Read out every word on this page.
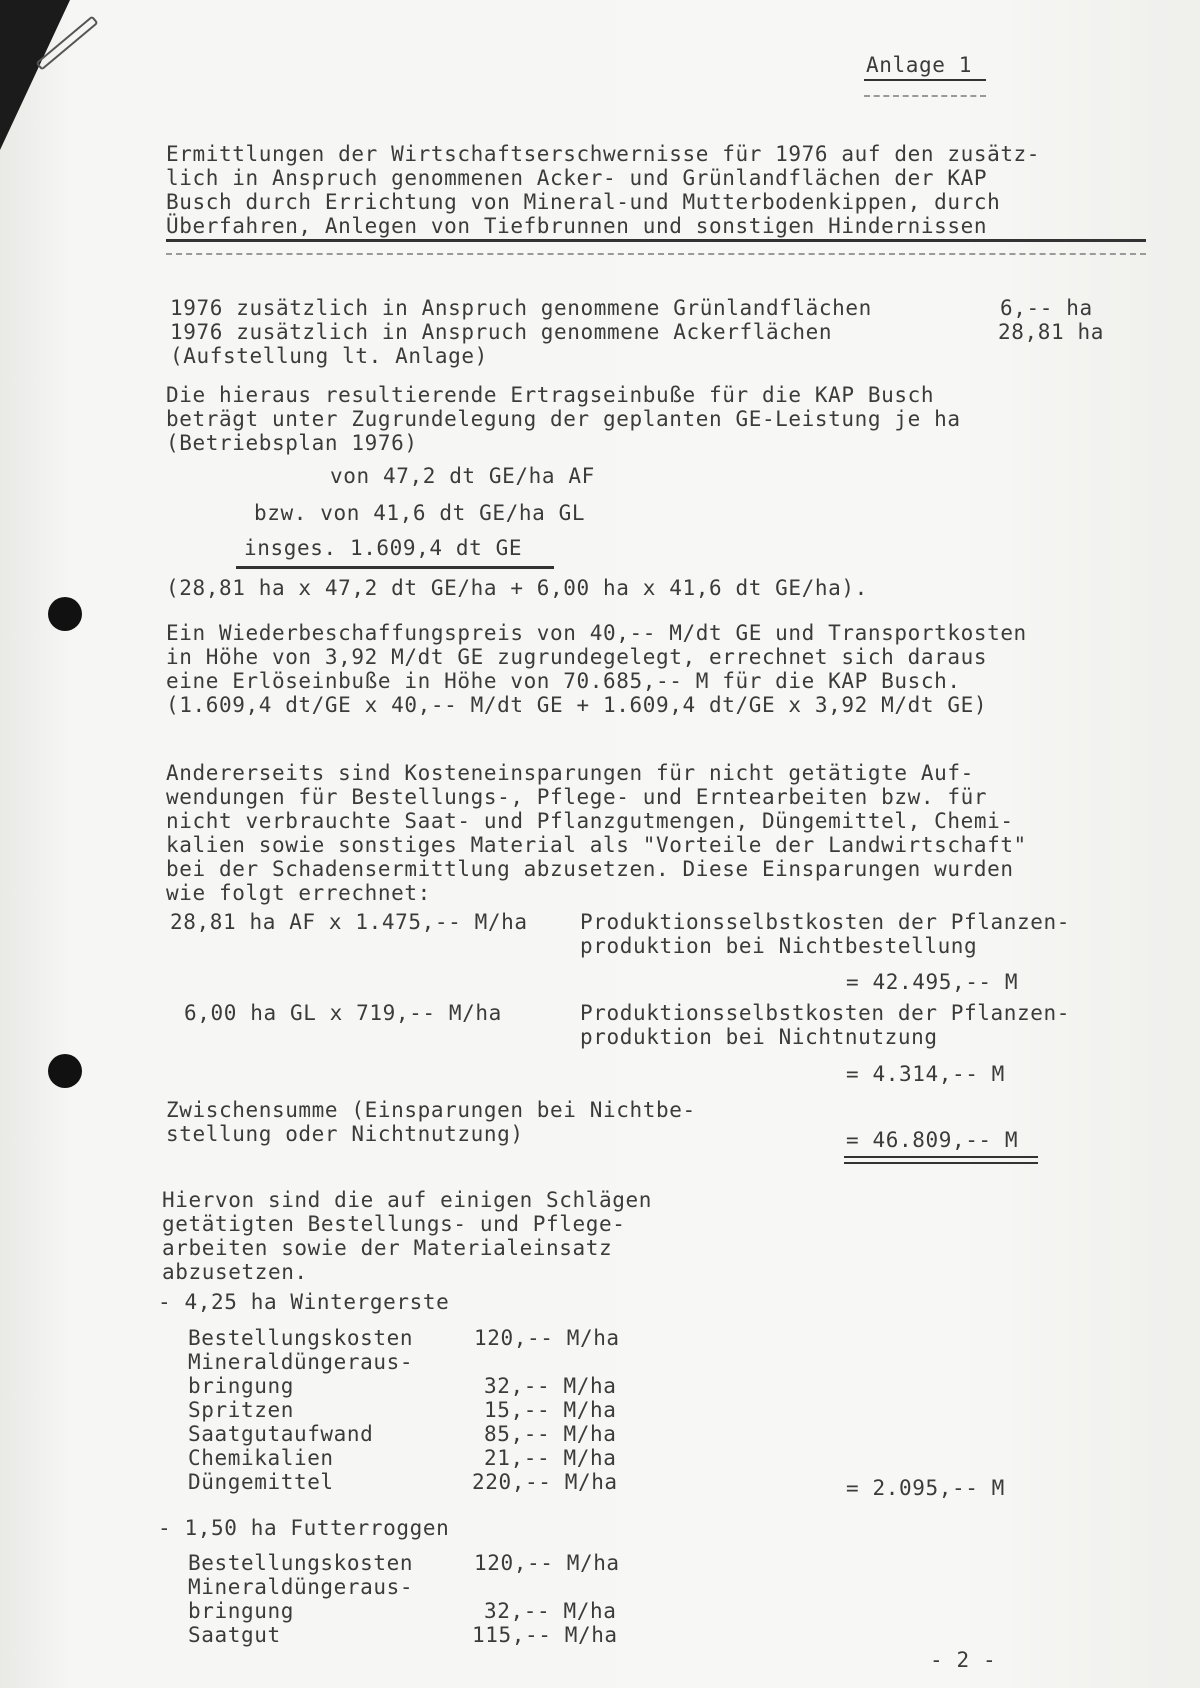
Anlage 1

Ermittlungen der Wirtschaftserschwernisse für 1976 auf den zusätz-

lich in Anspruch genommenen Acker- und Grünlandflächen der KAP

Busch durch Errichtung von Mineral-und Mutterbodenkippen, durch

Überfahren, Anlegen von Tiefbrunnen und sonstigen Hindernissen

1976 zusätzlich in Anspruch genommene Grünlandflächen	6,-- ha

1976 zusätzlich in Anspruch genommene Ackerflächen	28,81 ha

(Aufstellung lt. Anlage)

Die hieraus resultierende Ertragseinbuße für die KAP Busch

beträgt unter Zugrundelegung der geplanten GE-Leistung je ha

(Betriebsplan 1976)

von 47,2 dt GE/ha AF

bzw. von 41,6 dt GE/ha GL

insges. 1.609,4 dt GE

(28,81 ha x 47,2 dt GE/ha + 6,00 ha x 41,6 dt GE/ha).

Ein Wiederbeschaffungspreis von 40,-- M/dt GE und Transportkosten

in Höhe von 3,92 M/dt GE zugrundegelegt, errechnet sich daraus

eine Erlöseinbuße in Höhe von 70.685,-- M für die KAP Busch.

(1.609,4 dt/GE x 40,-- M/dt GE + 1.609,4 dt/GE x 3,92 M/dt GE)

Andererseits sind Kosteneinsparungen für nicht getätigte Auf-

wendungen für Bestellungs-, Pflege- und Erntearbeiten bzw. für

nicht verbrauchte Saat- und Pflanzgutmengen, Düngemittel, Chemi-

kalien sowie sonstiges Material als "Vorteile der Landwirtschaft"

bei der Schadensermittlung abzusetzen. Diese Einsparungen wurden

wie folgt errechnet:

28,81 ha AF x 1.475,-- M/ha Produktionsselbstkosten der Pflanzen-

produktion bei Nichtbestellung

= 42.495,-- M

6,00 ha GL x 719,-- M/ha	Produktionsselbstkosten der Pflanzen-

produktion bei Nichtnutzung

= 4.314,-- M

Zwischensumme (Einsparungen bei Nichtbe-

stellung oder Nichtnutzung)	= 46.809,-- M

Hiervon sind die auf einigen Schlägen

getätigten Bestellungs- und Pflege-

arbeiten sowie der Materialeinsatz

abzusetzen.

- 4,25 ha Wintergerste

Bestellungskosten	120,-- M/ha

Mineraldüngeraus-

bringung	32,-- M/ha

Spritzen	15,-- M/ha

Saatgutaufwand	85,-- M/ha

Chemikalien	21,-- M/ha

Düngemittel	220,-- M/ha	= 2.095,-- M

- 1,50 ha Futterroggen

Bestellungskosten	120,-- M/ha

Mineraldüngeraus-

bringung	32,-- M/ha

Saatgut	115,-- M/ha

- 2 -
